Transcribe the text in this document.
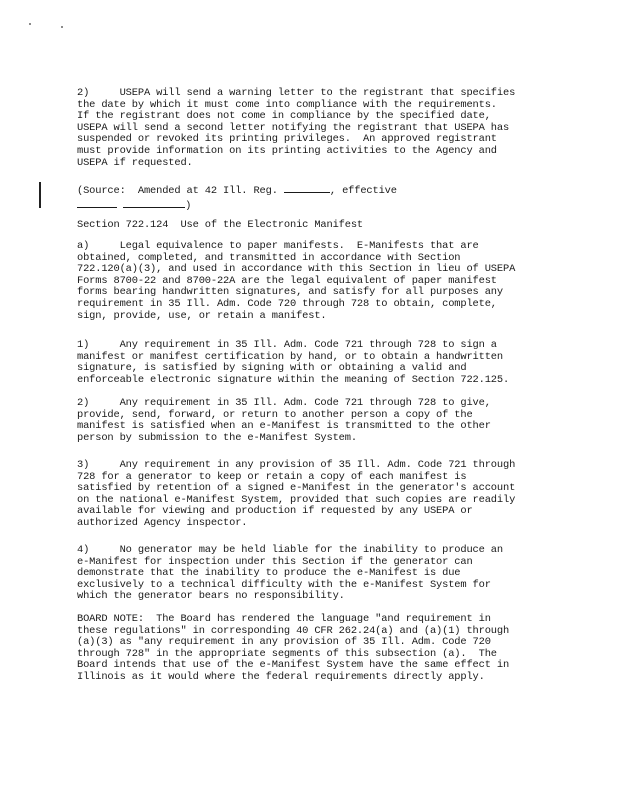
2)     USEPA will send a warning letter to the registrant that specifies
the date by which it must come into compliance with the requirements.
If the registrant does not come in compliance by the specified date,
USEPA will send a second letter notifying the registrant that USEPA has
suspended or revoked its printing privileges.  An approved registrant
must provide information on its printing activities to the Agency and
USEPA if requested.
(Source:  Amended at 42 Ill. Reg.	, effective
)
Section 722.124  Use of the Electronic Manifest
a)     Legal equivalence to paper manifests.  E-Manifests that are
obtained, completed, and transmitted in accordance with Section
722.120(a)(3), and used in accordance with this Section in lieu of USEPA
Forms 8700-22 and 8700-22A are the legal equivalent of paper manifest
forms bearing handwritten signatures, and satisfy for all purposes any
requirement in 35 Ill. Adm. Code 720 through 728 to obtain, complete,
sign, provide, use, or retain a manifest.
1)     Any requirement in 35 Ill. Adm. Code 721 through 728 to sign a
manifest or manifest certification by hand, or to obtain a handwritten
signature, is satisfied by signing with or obtaining a valid and
enforceable electronic signature within the meaning of Section 722.125.
2)     Any requirement in 35 Ill. Adm. Code 721 through 728 to give,
provide, send, forward, or return to another person a copy of the
manifest is satisfied when an e-Manifest is transmitted to the other
person by submission to the e-Manifest System.
3)     Any requirement in any provision of 35 Ill. Adm. Code 721 through
728 for a generator to keep or retain a copy of each manifest is
satisfied by retention of a signed e-Manifest in the generator's account
on the national e-Manifest System, provided that such copies are readily
available for viewing and production if requested by any USEPA or
authorized Agency inspector.
4)     No generator may be held liable for the inability to produce an
e-Manifest for inspection under this Section if the generator can
demonstrate that the inability to produce the e-Manifest is due
exclusively to a technical difficulty with the e-Manifest System for
which the generator bears no responsibility.
BOARD NOTE:  The Board has rendered the language "and requirement in
these regulations" in corresponding 40 CFR 262.24(a) and (a)(1) through
(a)(3) as "any requirement in any provision of 35 Ill. Adm. Code 720
through 728" in the appropriate segments of this subsection (a).  The
Board intends that use of the e-Manifest System have the same effect in
Illinois as it would where the federal requirements directly apply.
